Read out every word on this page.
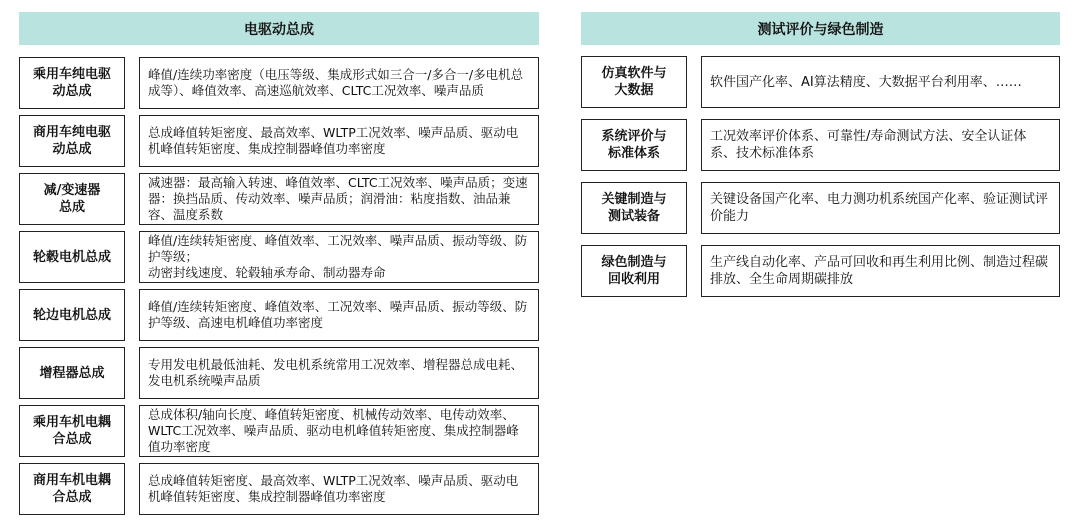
电驱动总成
乘用车纯电驱
动总成
峰值/连续功率密度（电压等级、集成形式如三合一/多合一/多电机总成等）、峰值效率、高速巡航效率、CLTC工况效率、噪声品质
商用车纯电驱
动总成
总成峰值转矩密度、最高效率、WLTP工况效率、噪声品质、驱动电机峰值转矩密度、集成控制器峰值功率密度
减/变速器
总成
减速器：最高输入转速、峰值效率、CLTC工况效率、噪声品质；变速器：换挡品质、传动效率、噪声品质；润滑油：粘度指数、油品兼容、温度系数
轮毂电机总成
峰值/连续转矩密度、峰值效率、工况效率、噪声品质、振动等级、防护等级；
动密封线速度、轮毂轴承寿命、制动器寿命
轮边电机总成
峰值/连续转矩密度、峰值效率、工况效率、噪声品质、振动等级、防护等级、高速电机峰值功率密度
增程器总成
专用发电机最低油耗、发电机系统常用工况效率、增程器总成电耗、发电机系统噪声品质
乘用车机电耦
合总成
总成体积/轴向长度、峰值转矩密度、机械传动效率、电传动效率、WLTC工况效率、噪声品质、驱动电机峰值转矩密度、集成控制器峰值功率密度
商用车机电耦
合总成
总成峰值转矩密度、最高效率、WLTP工况效率、噪声品质、驱动电机峰值转矩密度、集成控制器峰值功率密度
测试评价与绿色制造
仿真软件与
大数据
软件国产化率、AI算法精度、大数据平台利用率、……
系统评价与
标准体系
工况效率评价体系、可靠性/寿命测试方法、安全认证体系、技术标准体系
关键制造与
测试装备
关键设备国产化率、电力测功机系统国产化率、验证测试评价能力
绿色制造与
回收利用
生产线自动化率、产品可回收和再生利用比例、制造过程碳排放、全生命周期碳排放
